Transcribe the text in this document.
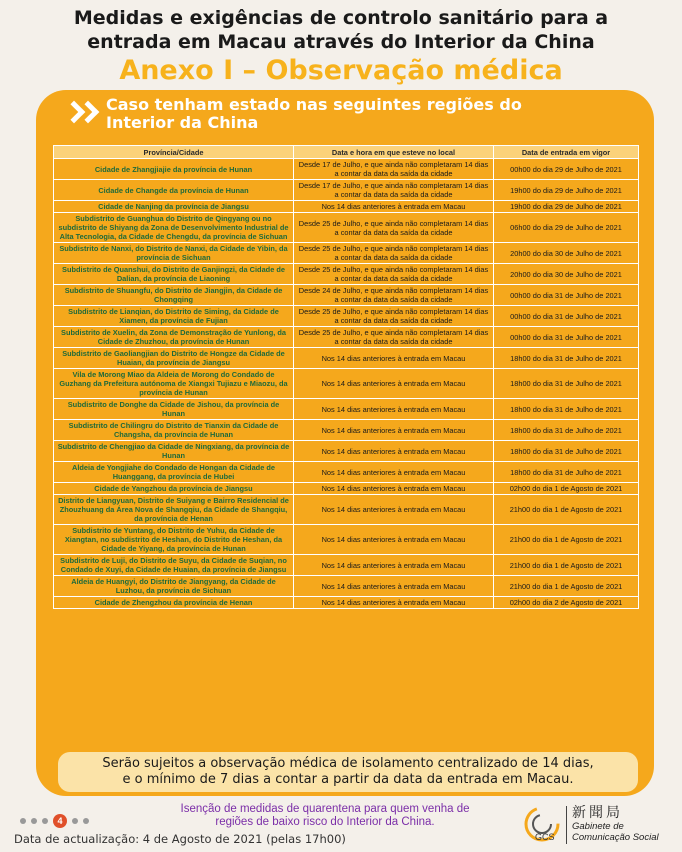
Medidas e exigências de controlo sanitário para a
entrada em Macau através do Interior da China
Anexo I – Observação médica
Caso tenham estado nas seguintes regiões do
Interior da China
Província/Cidade	Data e hora em que esteve no local	Data de entrada em vigor
Cidade de Zhangjiajie da província de Hunan	Desde 17 de Julho, e que ainda não completaram 14 dias a contar da data da saída da cidade	00h00 do dia 29 de Julho de 2021
Cidade de Changde da província de Hunan	Desde 17 de Julho, e que ainda não completaram 14 dias a contar da data da saída da cidade	19h00 do dia 29 de Julho de 2021
Cidade de Nanjing da província de Jiangsu	Nos 14 dias anteriores à entrada em Macau	19h00 do dia 29 de Julho de 2021
Subdistrito de Guanghua do Distrito de Qingyang ou no subdistrito de Shiyang da Zona de Desenvolvimento Industrial de Alta Tecnologia, da Cidade de Chengdu, da província de Sichuan	Desde 25 de Julho, e que ainda não completaram 14 dias a contar da data da saída da cidade	06h00 do dia 29 de Julho de 2021
Subdistrito de Nanxi, do Distrito de Nanxi, da Cidade de Yibin, da província de Sichuan	Desde 25 de Julho, e que ainda não completaram 14 dias a contar da data da saída da cidade	20h00 do dia 30 de Julho de 2021
Subdistrito de Quanshui, do Distrito de Ganjingzi, da Cidade de Dalian, da província de Liaoning	Desde 25 de Julho, e que ainda não completaram 14 dias a contar da data da saída da cidade	20h00 do dia 30 de Julho de 2021
Subdistrito de Shuangfu, do Distrito de Jiangjin, da Cidade de Chongqing	Desde 24 de Julho, e que ainda não completaram 14 dias a contar da data da saída da cidade	00h00 do dia 31 de Julho de 2021
Subdistrito de Lianqian, do Distrito de Siming, da Cidade de Xiamen, da província de Fujian	Desde 25 de Julho, e que ainda não completaram 14 dias a contar da data da saída da cidade	00h00 do dia 31 de Julho de 2021
Subdistrito de Xuelin, da Zona de Demonstração de Yunlong, da Cidade de Zhuzhou, da província de Hunan	Desde 25 de Julho, e que ainda não completaram 14 dias a contar da data da saída da cidade	00h00 do dia 31 de Julho de 2021
Subdistrito de Gaoliangjian do Distrito de Hongze da Cidade de Huaian, da província de Jiangsu	Nos 14 dias anteriores à entrada em Macau	18h00 do dia 31 de Julho de 2021
Vila de Morong Miao da Aldeia de Morong do Condado de Guzhang da Prefeitura autónoma de Xiangxi Tujiazu e Miaozu, da província de Hunan	Nos 14 dias anteriores à entrada em Macau	18h00 do dia 31 de Julho de 2021
Subdistrito de Donghe da Cidade de Jishou, da província de Hunan	Nos 14 dias anteriores à entrada em Macau	18h00 do dia 31 de Julho de 2021
Subdistrito de Chilingru do Distrito de Tianxin da Cidade de Changsha, da província de Hunan	Nos 14 dias anteriores à entrada em Macau	18h00 do dia 31 de Julho de 2021
Subdistrito de Chengjiao da Cidade de Ningxiang, da província de Hunan	Nos 14 dias anteriores à entrada em Macau	18h00 do dia 31 de Julho de 2021
Aldeia de Yongjiahe do Condado de Hongan da Cidade de Huanggang, da província de Hubei	Nos 14 dias anteriores à entrada em Macau	18h00 do dia 31 de Julho de 2021
Cidade de Yangzhou da província de Jiangsu	Nos 14 dias anteriores à entrada em Macau	02h00 do dia 1 de Agosto de 2021
Distrito de Liangyuan, Distrito de Suiyang e Bairro Residencial de Zhouzhuang da Área Nova de Shangqiu, da Cidade de Shangqiu, da província de Henan	Nos 14 dias anteriores à entrada em Macau	21h00 do dia 1 de Agosto de 2021
Subdistrito de Yuntang, do Distrito de Yuhu, da Cidade de Xiangtan, no subdistrito de Heshan, do Distrito de Heshan, da Cidade de Yiyang, da província de Hunan	Nos 14 dias anteriores à entrada em Macau	21h00 do dia 1 de Agosto de 2021
Subdistrito de Luji, do Distrito de Suyu, da Cidade de Suqian, no Condado de Xuyi, da Cidade de Huaian, da província de Jiangsu	Nos 14 dias anteriores à entrada em Macau	21h00 do dia 1 de Agosto de 2021
Aldeia de Huangyi, do Distrito de Jiangyang, da Cidade de Luzhou, da província de Sichuan	Nos 14 dias anteriores à entrada em Macau	21h00 do dia 1 de Agosto de 2021
Cidade de Zhengzhou da província de Henan	Nos 14 dias anteriores à entrada em Macau	02h00 do dia 2 de Agosto de 2021
Serão sujeitos a observação médica de isolamento centralizado de 14 dias,
e o mínimo de 7 dias a contar a partir da data da entrada em Macau.
4
Isenção de medidas de quarentena para quem venha de
regiões de baixo risco do Interior da China.
Data de actualização: 4 de Agosto de 2021 (pelas 17h00)	GCS
新聞局
Gabinete de
Comunicação Social
